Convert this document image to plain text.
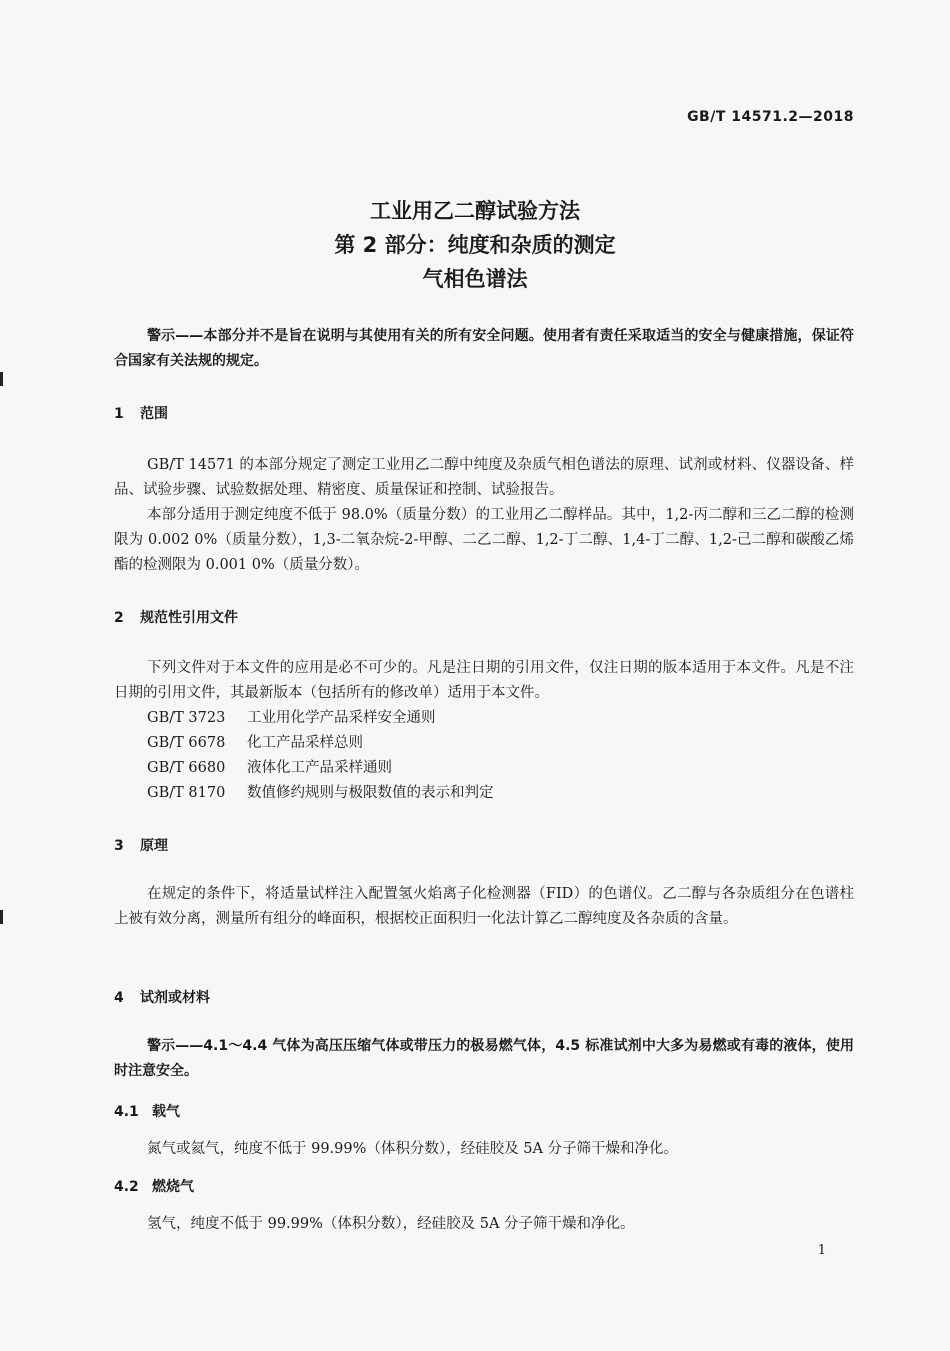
GB/T 14571.2—2018
工业用乙二醇试验方法
第 2 部分：纯度和杂质的测定
气相色谱法

警示——本部分并不是旨在说明与其使用有关的所有安全问题。使用者有责任采取适当的安全与健康措施，保证符合国家有关法规的规定。

1 范围

GB/T 14571 的本部分规定了测定工业用乙二醇中纯度及杂质气相色谱法的原理、试剂或材料、仪器设备、样品、试验步骤、试验数据处理、精密度、质量保证和控制、试验报告。

本部分适用于测定纯度不低于 98.0%（质量分数）的工业用乙二醇样品。其中，1,2-丙二醇和三乙二醇的检测限为 0.002 0%（质量分数），1,3-二氧杂烷-2-甲醇、二乙二醇、1,2-丁二醇、1,4-丁二醇、1,2-己二醇和碳酸乙烯酯的检测限为 0.001 0%（质量分数）。

2 规范性引用文件

下列文件对于本文件的应用是必不可少的。凡是注日期的引用文件，仅注日期的版本适用于本文件。凡是不注日期的引用文件，其最新版本（包括所有的修改单）适用于本文件。

GB/T 3723 工业用化学产品采样安全通则
GB/T 6678 化工产品采样总则
GB/T 6680 液体化工产品采样通则
GB/T 8170 数值修约规则与极限数值的表示和判定
3 原理

在规定的条件下，将适量试样注入配置氢火焰离子化检测器（FID）的色谱仪。乙二醇与各杂质组分在色谱柱上被有效分离，测量所有组分的峰面积，根据校正面积归一化法计算乙二醇纯度及各杂质的含量。

4 试剂或材料

警示——4.1～4.4 气体为高压压缩气体或带压力的极易燃气体，4.5 标准试剂中大多为易燃或有毒的液体，使用时注意安全。

4.1 载气

氮气或氦气，纯度不低于 99.99%（体积分数），经硅胶及 5A 分子筛干燥和净化。

4.2 燃烧气

氢气，纯度不低于 99.99%（体积分数），经硅胶及 5A 分子筛干燥和净化。

1
